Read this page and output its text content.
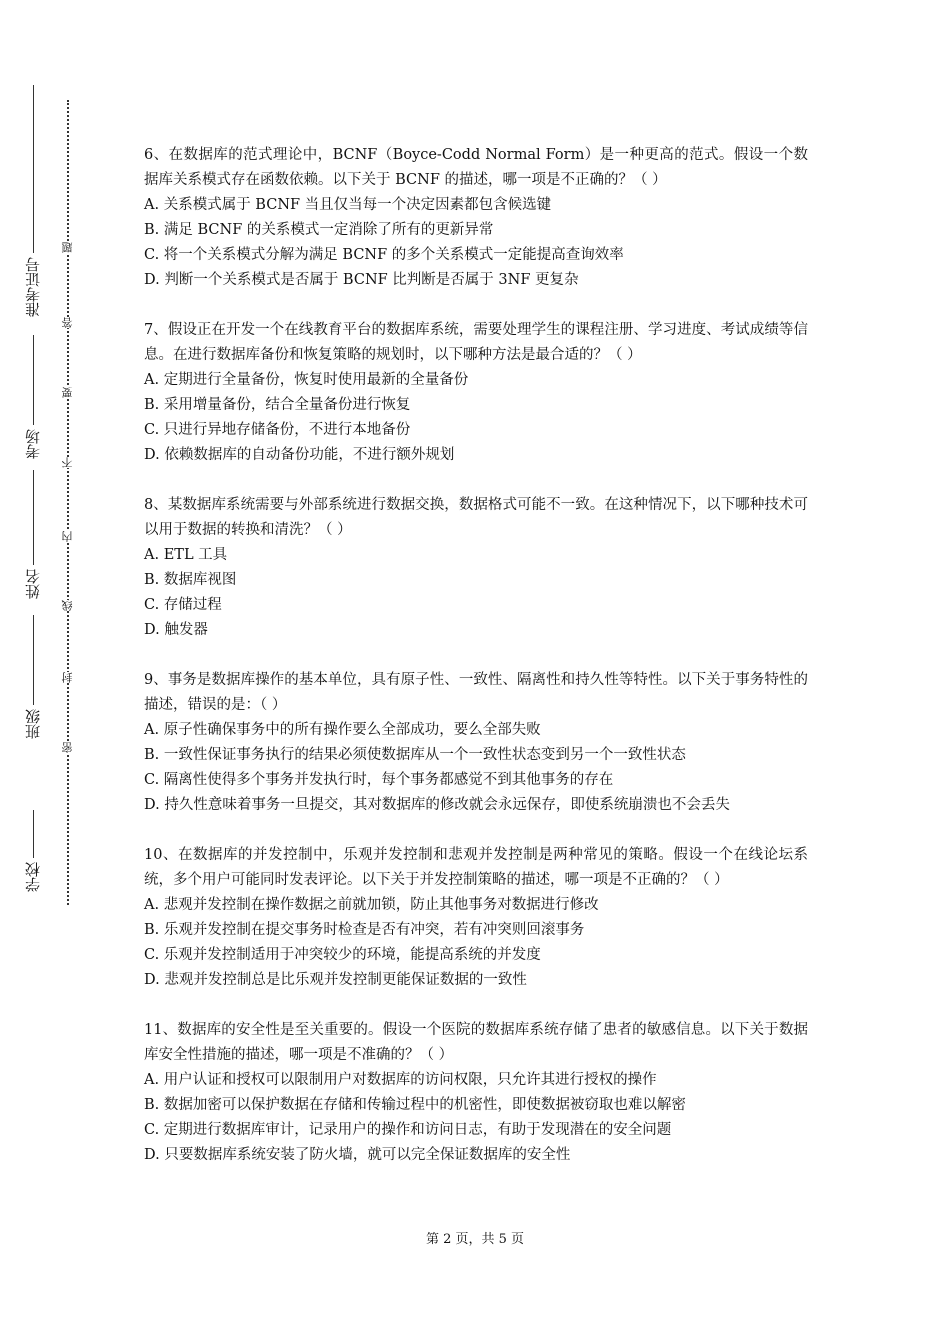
准考证号
考场
姓名
班级
学校
题
答
要
不
内
线
封
密

6、在数据库的范式理论中，BCNF（Boyce-Codd Normal Form）是一种更高的范式。假设一个数据库关系模式存在函数依赖。以下关于 BCNF 的描述，哪一项是不正确的？（ ）

A. 关系模式属于 BCNF 当且仅当每一个决定因素都包含候选键

B. 满足 BCNF 的关系模式一定消除了所有的更新异常

C. 将一个关系模式分解为满足 BCNF 的多个关系模式一定能提高查询效率

D. 判断一个关系模式是否属于 BCNF 比判断是否属于 3NF 更复杂

7、假设正在开发一个在线教育平台的数据库系统，需要处理学生的课程注册、学习进度、考试成绩等信息。在进行数据库备份和恢复策略的规划时，以下哪种方法是最合适的？（ ）

A. 定期进行全量备份，恢复时使用最新的全量备份

B. 采用增量备份，结合全量备份进行恢复

C. 只进行异地存储备份，不进行本地备份

D. 依赖数据库的自动备份功能，不进行额外规划

8、某数据库系统需要与外部系统进行数据交换，数据格式可能不一致。在这种情况下，以下哪种技术可以用于数据的转换和清洗？（ ）

A. ETL 工具

B. 数据库视图

C. 存储过程

D. 触发器

9、事务是数据库操作的基本单位，具有原子性、一致性、隔离性和持久性等特性。以下关于事务特性的描述，错误的是：（ ）

A. 原子性确保事务中的所有操作要么全部成功，要么全部失败

B. 一致性保证事务执行的结果必须使数据库从一个一致性状态变到另一个一致性状态

C. 隔离性使得多个事务并发执行时，每个事务都感觉不到其他事务的存在

D. 持久性意味着事务一旦提交，其对数据库的修改就会永远保存，即使系统崩溃也不会丢失

10、在数据库的并发控制中，乐观并发控制和悲观并发控制是两种常见的策略。假设一个在线论坛系统，多个用户可能同时发表评论。以下关于并发控制策略的描述，哪一项是不正确的？（ ）

A. 悲观并发控制在操作数据之前就加锁，防止其他事务对数据进行修改

B. 乐观并发控制在提交事务时检查是否有冲突，若有冲突则回滚事务

C. 乐观并发控制适用于冲突较少的环境，能提高系统的并发度

D. 悲观并发控制总是比乐观并发控制更能保证数据的一致性

11、数据库的安全性是至关重要的。假设一个医院的数据库系统存储了患者的敏感信息。以下关于数据库安全性措施的描述，哪一项是不准确的？（ ）

A. 用户认证和授权可以限制用户对数据库的访问权限，只允许其进行授权的操作

B. 数据加密可以保护数据在存储和传输过程中的机密性，即使数据被窃取也难以解密

C. 定期进行数据库审计，记录用户的操作和访问日志，有助于发现潜在的安全问题

D. 只要数据库系统安装了防火墙，就可以完全保证数据库的安全性

第 2 页，共 5 页
